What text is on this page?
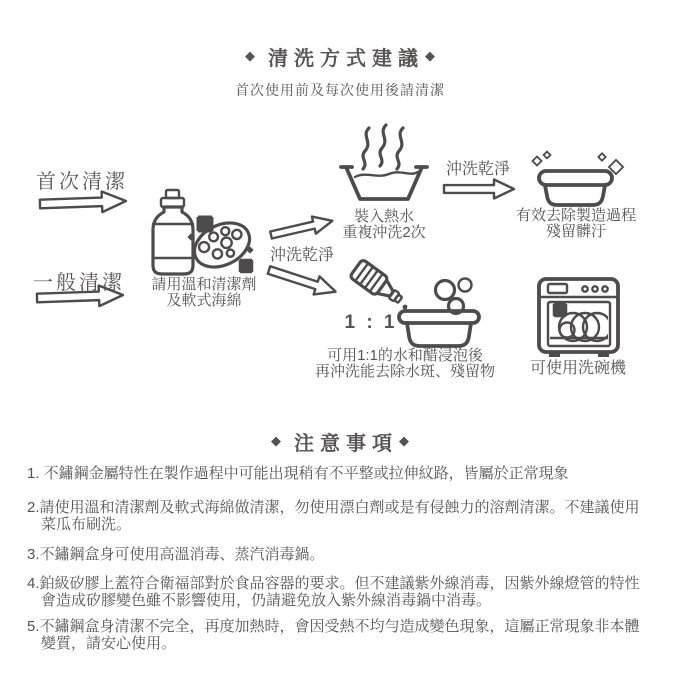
◆ 清洗方式建議 ◆
首次使用前及每次使用後請清潔
首次清潔
一般清潔	請用溫和清潔劑
及軟式海綿
沖洗乾淨
裝入熱水
重複沖洗2次
沖洗乾淨
有效去除製造過程
殘留髒汙
1 : 1
可用1:1的水和醋浸泡後
再沖洗能去除水斑、殘留物	可使用洗碗機
◆ 注意事項 ◆
1. 不鏽鋼金屬特性在製作過程中可能出現稍有不平整或拉伸紋路，皆屬於正常現象
2.請使用溫和清潔劑及軟式海綿做清潔，勿使用漂白劑或是有侵蝕力的溶劑清潔。不建議使用
菜瓜布刷洗。
3.不鏽鋼盒身可使用高溫消毒、蒸汽消毒鍋。
4.鉑級矽膠上蓋符合衛福部對於食品容器的要求。但不建議紫外線消毒，因紫外線燈管的特性
會造成矽膠變色雖不影響使用，仍請避免放入紫外線消毒鍋中消毒。
5.不鏽鋼盒身清潔不完全，再度加熱時，會因受熱不均勻造成變色現象，這屬正常現象非本體
變質，請安心使用。
